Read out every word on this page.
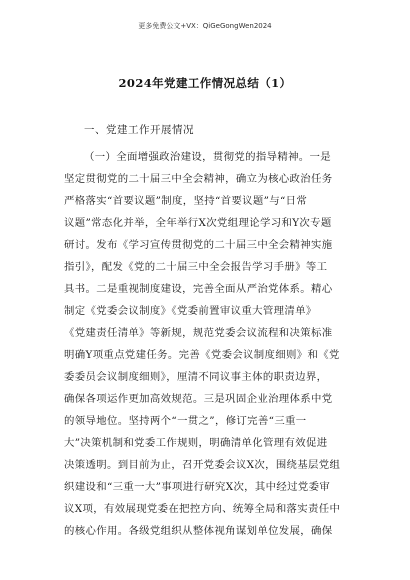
更多免费公文+VX：QiGeGongWen2024
2024年党建工作情况总结（1）
一、党建工作开展情况
（一）全面增强政治建设，贯彻党的指导精神。一是
坚定贯彻党的二十届三中全会精神，确立为核心政治任务
严格落实“首要议题”制度，坚持“首要议题”与“日常
议题”常态化并举，全年举行X次党组理论学习和Y次专题
研讨。发布《学习宣传贯彻党的二十届三中全会精神实施
指引》，配发《党的二十届三中全会报告学习手册》等工
具书。二是重视制度建设，完善全面从严治党体系。精心
制定《党委会议制度》《党委前置审议重大管理清单》
《党建责任清单》等新规，规范党委会议流程和决策标准
明确Y项重点党建任务。完善《党委会议制度细则》和《党
委委员会议制度细则》，厘清不同议事主体的职责边界，
确保各项运作更加高效规范。三是巩固企业治理体系中党
的领导地位。坚持两个“一贯之”，修订完善“三重一
大”决策机制和党委工作规则，明确清单化管理有效促进
决策透明。到目前为止，召开党委会议X次，围绕基层党组
织建设和“三重一大”事项进行研究X次，其中经过党委审
议X项，有效展现党委在把控方向、统筹全局和落实责任中
的核心作用。各级党组织从整体视角谋划单位发展，确保
